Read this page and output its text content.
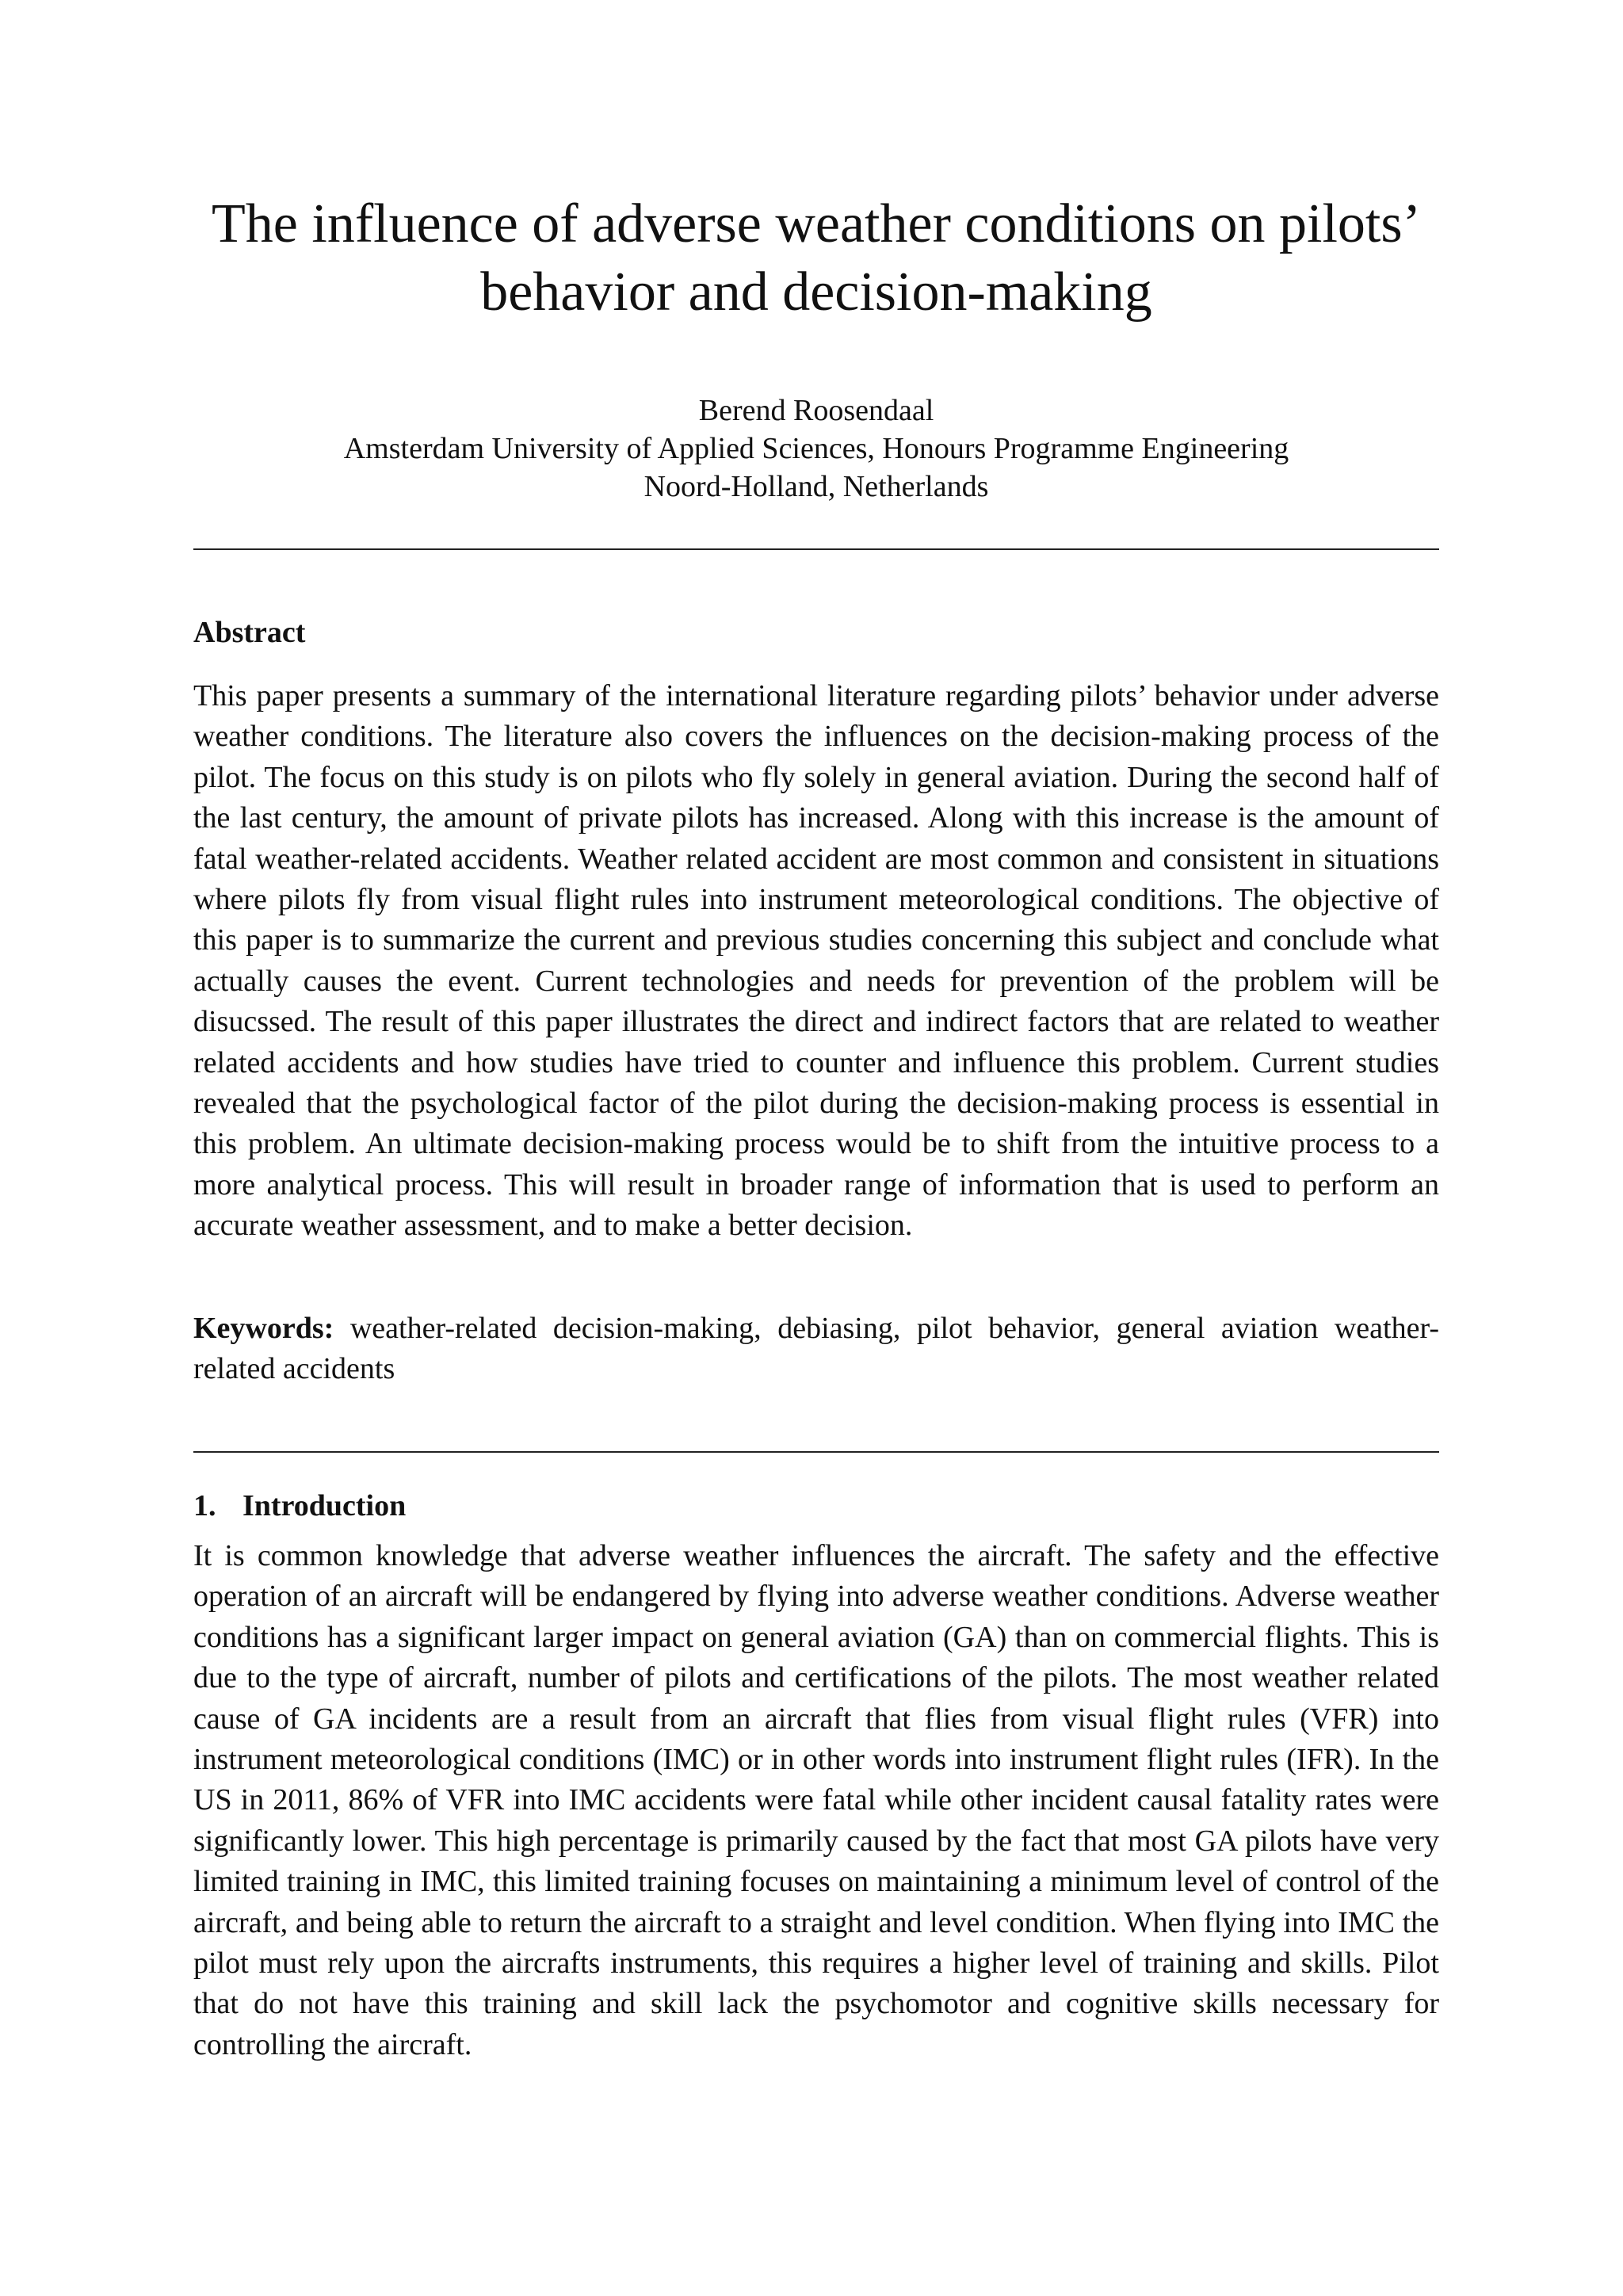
The influence of adverse weather conditions on pilots’
behavior and decision-making
Berend Roosendaal
Amsterdam University of Applied Sciences, Honours Programme Engineering
Noord-Holland, Netherlands
Abstract

This paper presents a summary of the international literature regarding pilots’ behavior under adverse weather conditions. The literature also covers the influences on the decision-making process of the pilot. The focus on this study is on pilots who fly solely in general aviation. During the second half of the last century, the amount of private pilots has increased. Along with this increase is the amount of fatal weather-related accidents. Weather related accident are most common and consistent in situations where pilots fly from visual flight rules into instrument meteorological conditions. The objective of this paper is to summarize the current and previous studies concerning this subject and conclude what actually causes the event. Current technologies and needs for prevention of the problem will be disucssed. The result of this paper illustrates the direct and indirect factors that are related to weather related accidents and how studies have tried to counter and influence this problem. Current studies revealed that the psychological factor of the pilot during the decision-making process is essential in this problem. An ultimate decision-making process would be to shift from the intuitive process to a more analytical process. This will result in broader range of information that is used to perform an accurate weather assessment, and to make a better decision.

Keywords: weather-related decision-making, debiasing, pilot behavior, general aviation weather-related accidents

1. Introduction

It is common knowledge that adverse weather influences the aircraft. The safety and the effective operation of an aircraft will be endangered by flying into adverse weather conditions. Adverse weather conditions has a significant larger impact on general aviation (GA) than on commercial flights. This is due to the type of aircraft, number of pilots and certifications of the pilots. The most weather related cause of GA incidents are a result from an aircraft that flies from visual flight rules (VFR) into instrument meteorological conditions (IMC) or in other words into instrument flight rules (IFR). In the US in 2011, 86% of VFR into IMC accidents were fatal while other incident causal fatality rates were significantly lower. This high percentage is primarily caused by the fact that most GA pilots have very limited training in IMC, this limited training focuses on maintaining a minimum level of control of the aircraft, and being able to return the aircraft to a straight and level condition. When flying into IMC the pilot must rely upon the aircrafts instruments, this requires a higher level of training and skills. Pilot that do not have this training and skill lack the psychomotor and cognitive skills necessary for controlling the aircraft.
